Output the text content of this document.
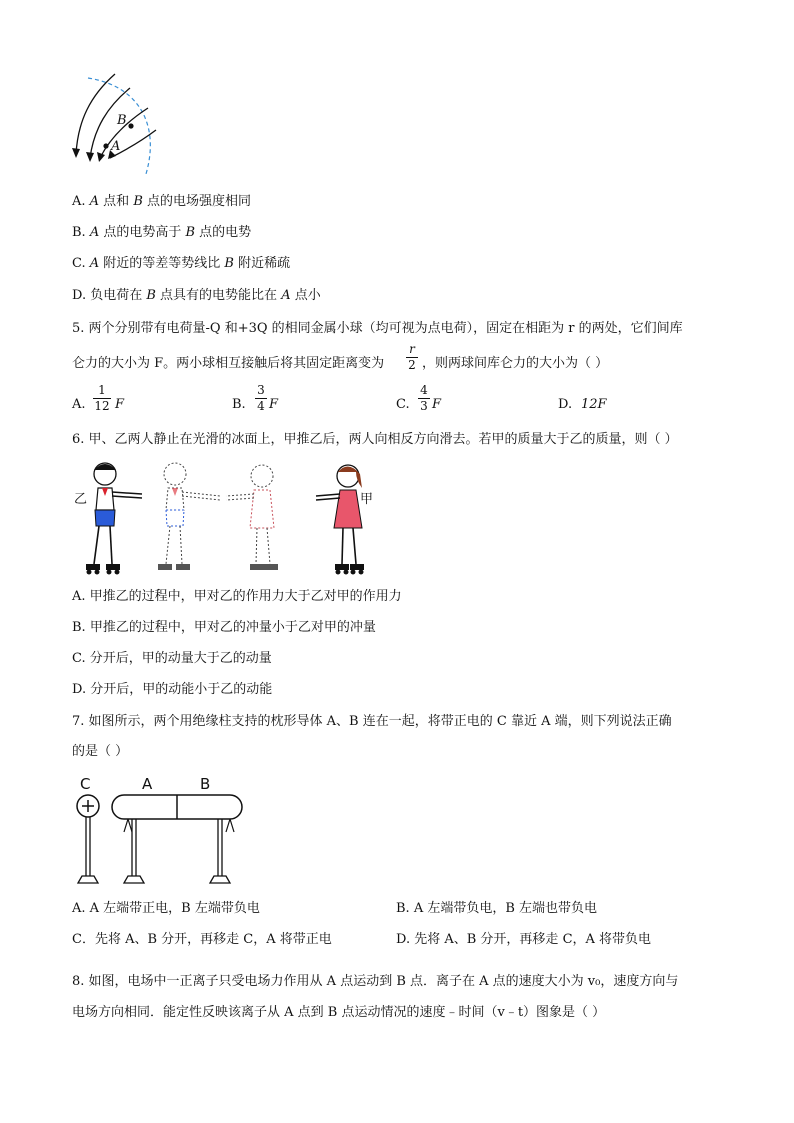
B
A
A. A 点和 B 点的电场强度相同
B. A 点的电势高于 B 点的电势
C. A 附近的等差等势线比 B 附近稀疏
D. 负电荷在 B 点具有的电势能比在 A 点小
5. 两个分别带有电荷量-Q 和+3Q 的相同金属小球（均可视为点电荷），固定在相距为 r 的两处，它们间库
仑力的大小为 F。两小球相互接触后将其固定距离变为
r
2 ，则两球间库仑力的大小为（ ）
A.
1
12 F	B.
3
4 F	C.
4
3 F	D. 12F
6. 甲、乙两人静止在光滑的冰面上，甲推乙后，两人向相反方向滑去。若甲的质量大于乙的质量，则（ ）
乙	甲
A. 甲推乙的过程中，甲对乙的作用力大于乙对甲的作用力
B. 甲推乙的过程中，甲对乙的冲量小于乙对甲的冲量
C. 分开后，甲的动量大于乙的动量
D. 分开后，甲的动能小于乙的动能
7. 如图所示，两个用绝缘柱支持的枕形导体 A、B 连在一起，将带正电的 C 靠近 A 端，则下列说法正确
的是（ ）
C	A	B
A. A 左端带正电，B 左端带负电	B. A 左端带负电，B 左端也带负电
C．先将 A、B 分开，再移走 C，A 将带正电	D. 先将 A、B 分开，再移走 C，A 将带负电
8. 如图，电场中一正离子只受电场力作用从 A 点运动到 B 点．离子在 A 点的速度大小为 v₀，速度方向与
电场方向相同．能定性反映该离子从 A 点到 B 点运动情况的速度﹣时间（v﹣t）图象是（ ）
